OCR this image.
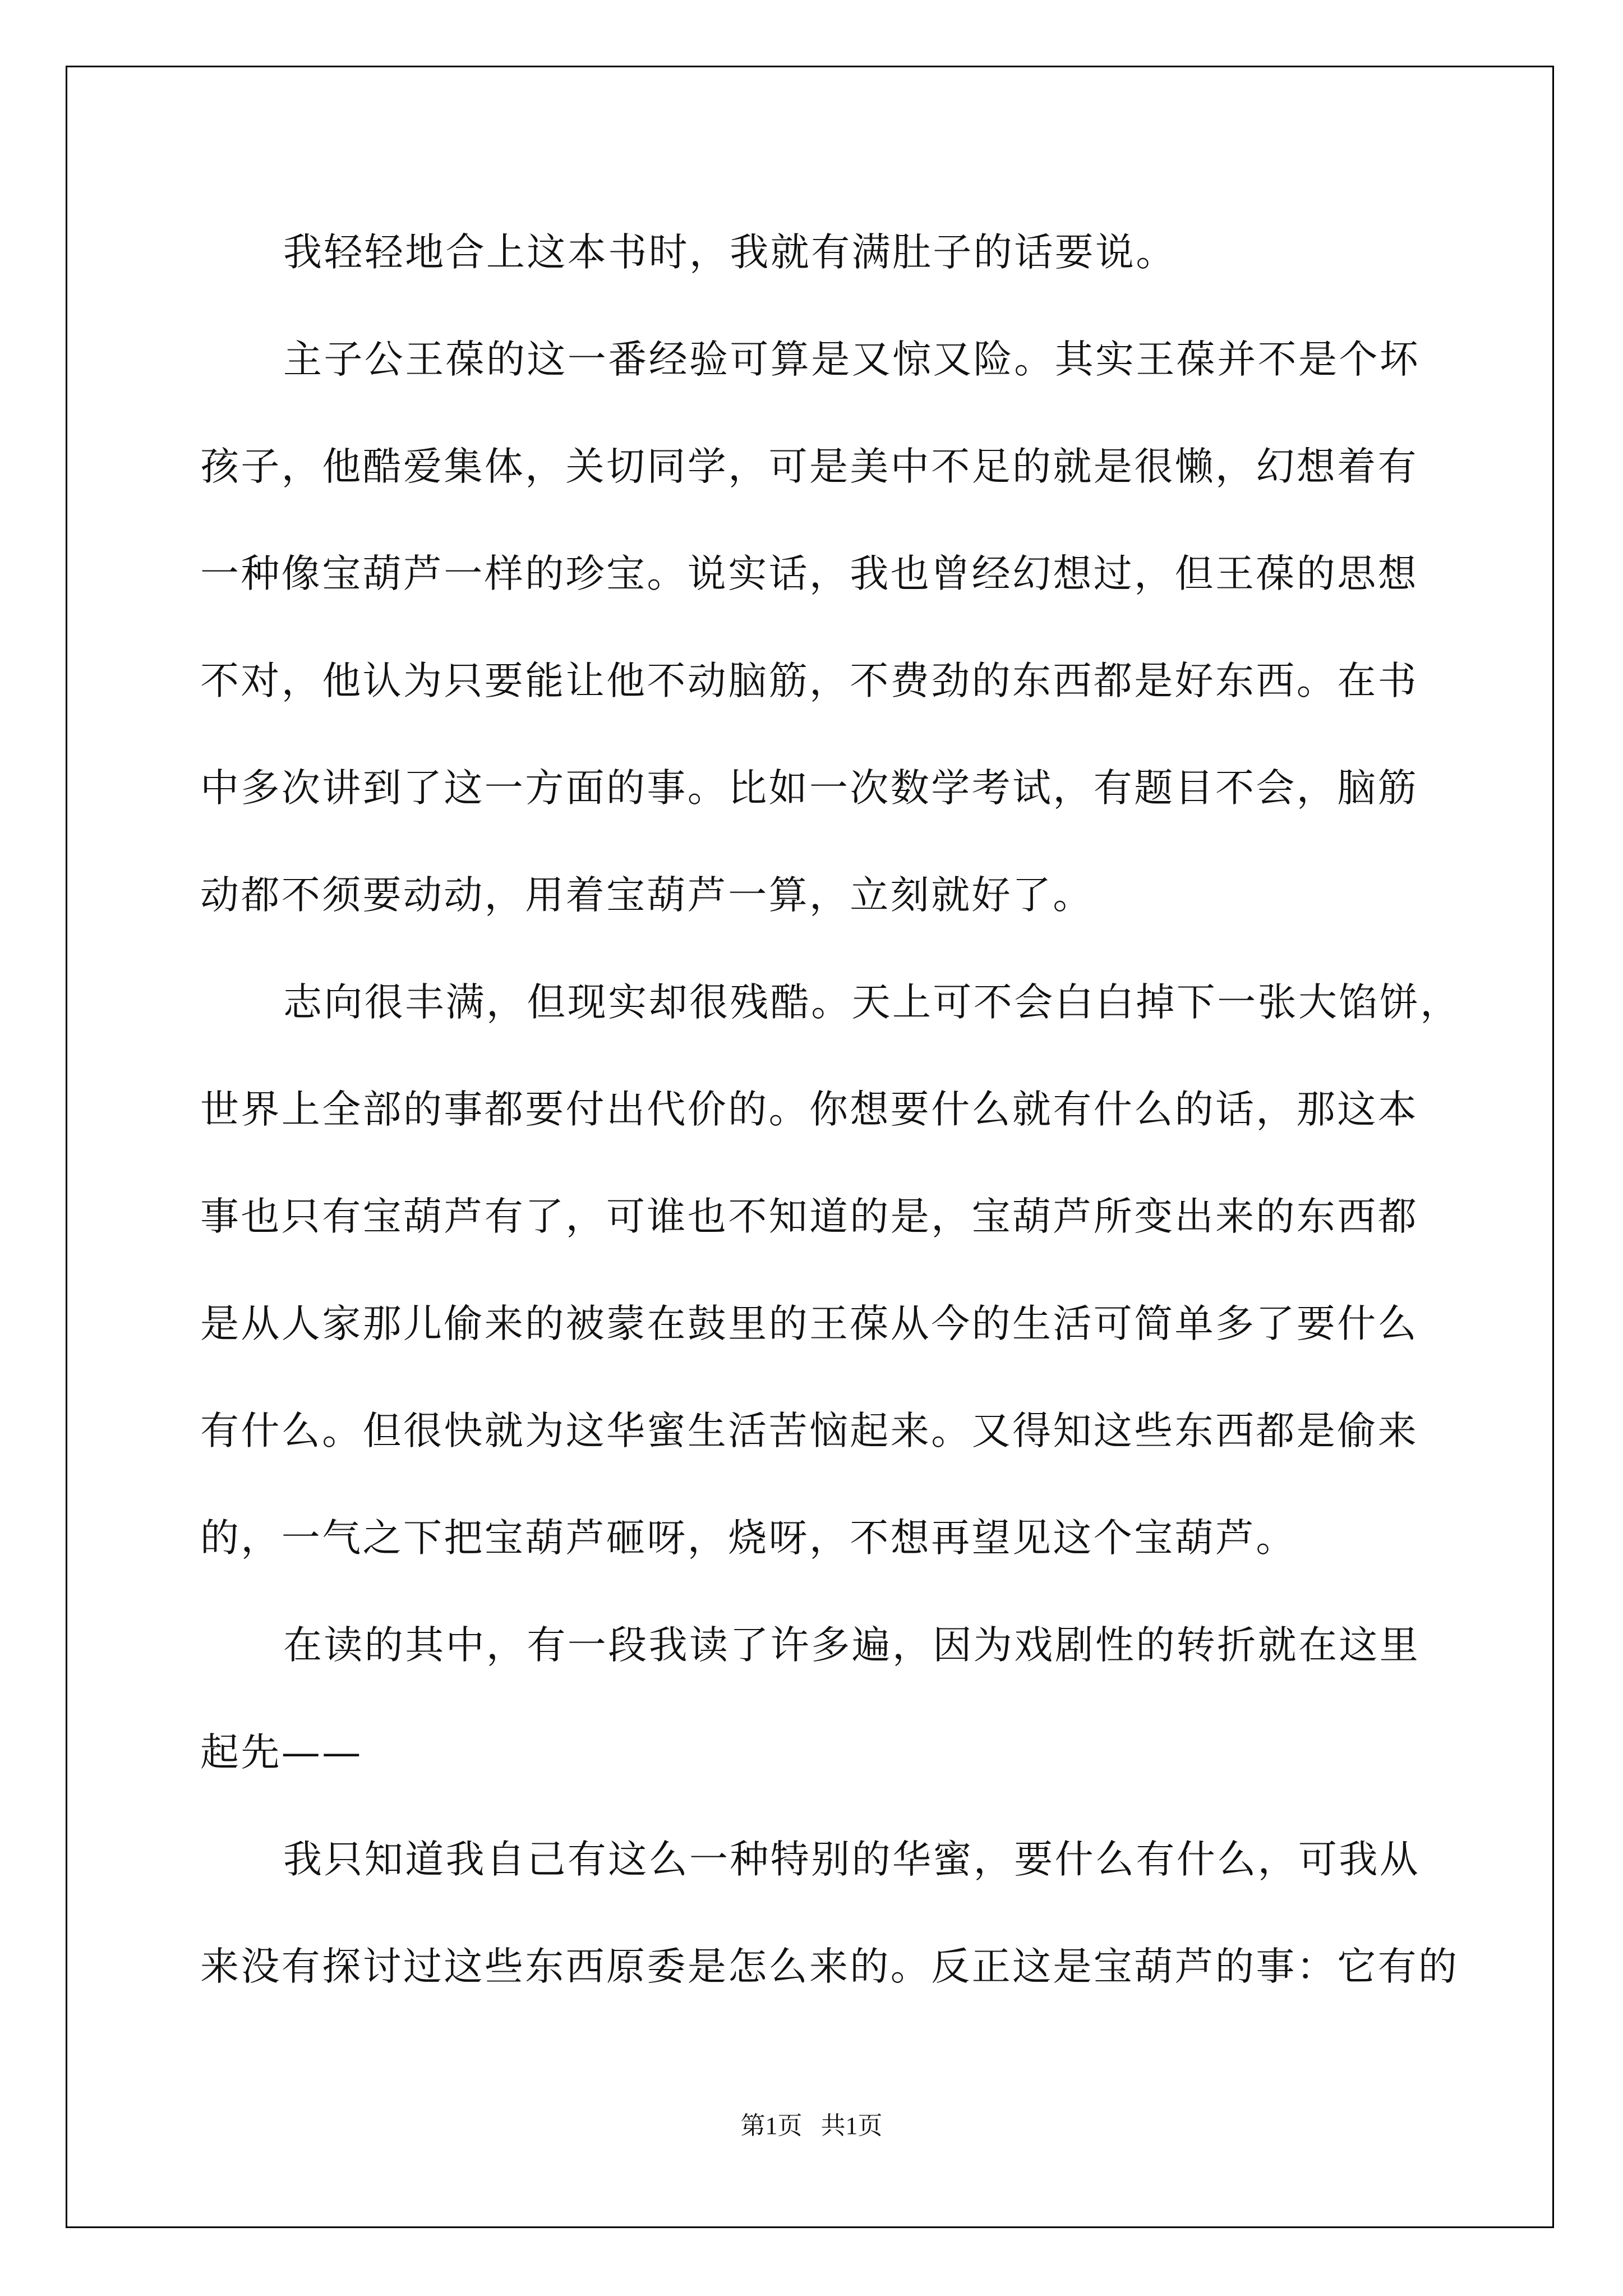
我轻轻地合上这本书时，我就有满肚子的话要说。
主子公王葆的这一番经验可算是又惊又险。其实王葆并不是个坏
孩子，他酷爱集体，关切同学，可是美中不足的就是很懒，幻想着有
一种像宝葫芦一样的珍宝。说实话，我也曾经幻想过，但王葆的思想
不对，他认为只要能让他不动脑筋，不费劲的东西都是好东西。在书
中多次讲到了这一方面的事。比如一次数学考试，有题目不会，脑筋
动都不须要动动，用着宝葫芦一算，立刻就好了。
志向很丰满，但现实却很残酷。天上可不会白白掉下一张大馅饼，
世界上全部的事都要付出代价的。你想要什么就有什么的话，那这本
事也只有宝葫芦有了，可谁也不知道的是，宝葫芦所变出来的东西都
是从人家那儿偷来的被蒙在鼓里的王葆从今的生活可简单多了要什么
有什么。但很快就为这华蜜生活苦恼起来。又得知这些东西都是偷来
的，一气之下把宝葫芦砸呀，烧呀，不想再望见这个宝葫芦。
在读的其中，有一段我读了许多遍，因为戏剧性的转折就在这里
起先——
我只知道我自己有这么一种特别的华蜜，要什么有什么，可我从
来没有探讨过这些东西原委是怎么来的。反正这是宝葫芦的事：它有的
第1页   共1页
